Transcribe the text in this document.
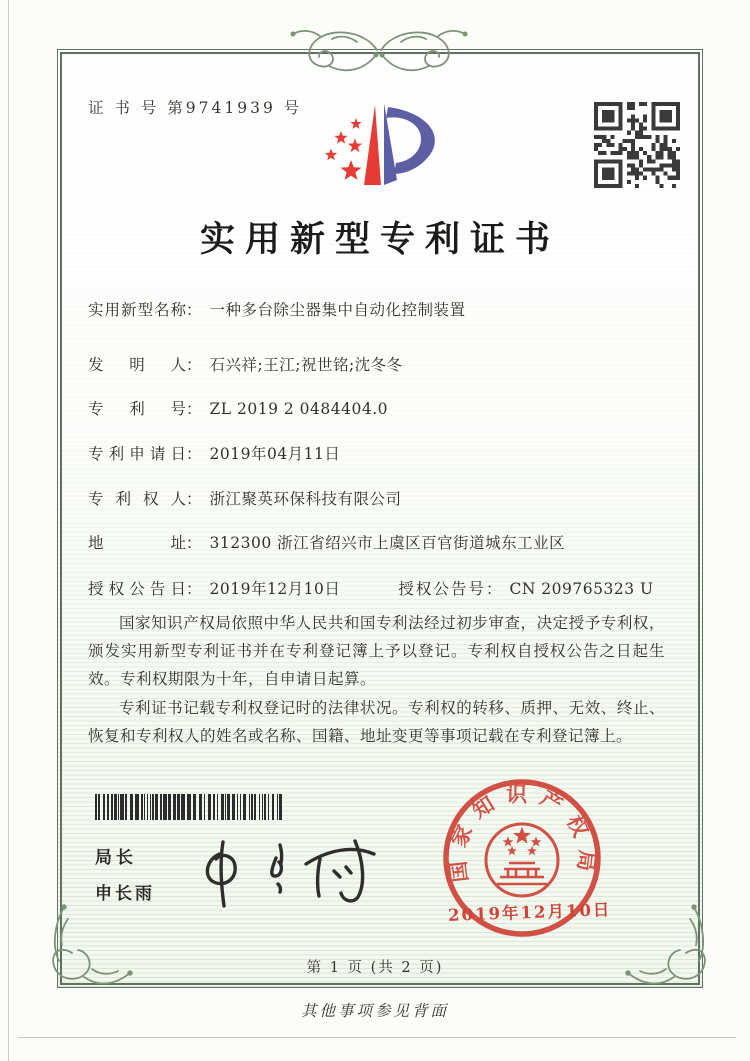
证 书 号 第9741939 号
实用新型专利证书
实用新型名称： 一种多台除尘器集中自动化控制装置
发明人： 石兴祥;王江;祝世铭;沈冬冬
专利号： ZL 2019 2 0484404.0
专利申请日： 2019年04月11日
专利权人： 浙江聚英环保科技有限公司
地址： 312300 浙江省绍兴市上虞区百官街道城东工业区
授权公告日： 2019年12月10日	授权公告号： CN 209765323 U

国家知识产权局依照中华人民共和国专利法经过初步审查，决定授予专利权，颁发实用新型专利证书并在专利登记簿上予以登记。专利权自授权公告之日起生效。专利权期限为十年，自申请日起算。

专利证书记载专利权登记时的法律状况。专利权的转移、质押、无效、终止、恢复和专利权人的姓名或名称、国籍、地址变更等事项记载在专利登记簿上。

局长
申长雨
国家知识产权局
2019年12月10日
第 1 页 (共 2 页)
其他事项参见背面
